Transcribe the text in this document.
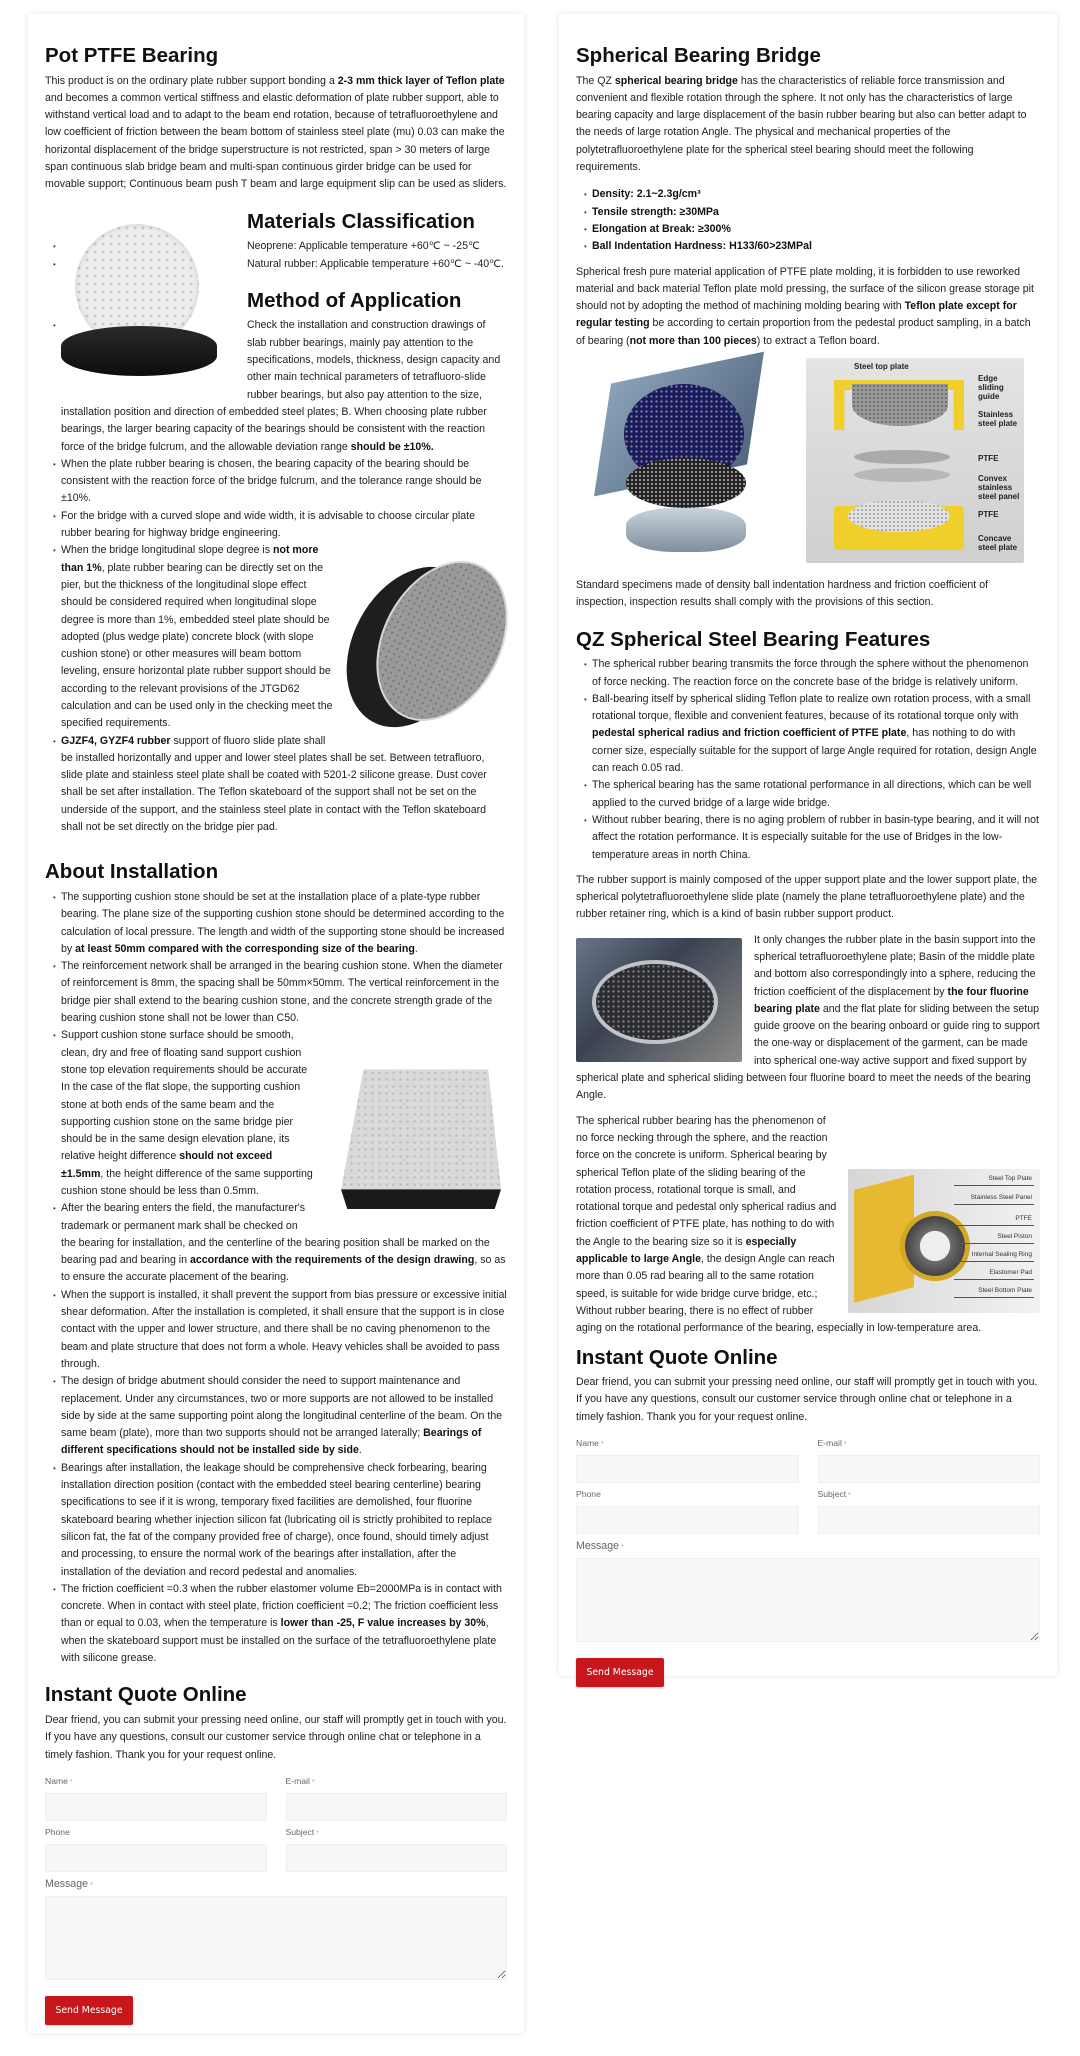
Pot PTFE Bearing

This product is on the ordinary plate rubber support bonding a 2-3 mm thick layer of Teflon plate and becomes a common vertical stiffness and elastic deformation of plate rubber support, able to withstand vertical load and to adapt to the beam end rotation, because of tetrafluoroethylene and low coefficient of friction between the beam bottom of stainless steel plate (mu) 0.03 can make the horizontal displacement of the bridge superstructure is not restricted, span > 30 meters of large span continuous slab bridge beam and multi-span continuous girder bridge can be used for movable support; Continuous beam push T beam and large equipment slip can be used as sliders.

Materials Classification
• Neoprene: Applicable temperature +60℃ ~ -25℃
• Natural rubber: Applicable temperature +60℃ ~ -40℃.
Method of Application
• Check the installation and construction drawings of slab rubber bearings, mainly pay attention to the specifications, models, thickness, design capacity and other main technical parameters of tetrafluoro-slide rubber bearings, but also pay attention to the size, installation position and direction of embedded steel plates; B. When choosing plate rubber bearings, the larger bearing capacity of the bearings should be consistent with the reaction force of the bridge fulcrum, and the allowable deviation range should be ±10%.
• When the plate rubber bearing is chosen, the bearing capacity of the bearing should be consistent with the reaction force of the bridge fulcrum, and the tolerance range should be ±10%.
• For the bridge with a curved slope and wide width, it is advisable to choose circular plate rubber bearing for highway bridge engineering.
• When the bridge longitudinal slope degree is not more than 1%, plate rubber bearing can be directly set on the pier, but the thickness of the longitudinal slope effect should be considered required when longitudinal slope degree is more than 1%, embedded steel plate should be adopted (plus wedge plate) concrete block (with slope cushion stone) or other measures will beam bottom leveling, ensure horizontal plate rubber support should be according to the relevant provisions of the JTGD62 calculation and can be used only in the checking meet the specified requirements.
• GJZF4, GYZF4 rubber support of fluoro slide plate shall be installed horizontally and upper and lower steel plates shall be set. Between tetrafluoro, slide plate and stainless steel plate shall be coated with 5201-2 silicone grease. Dust cover shall be set after installation. The Teflon skateboard of the support shall not be set on the underside of the support, and the stainless steel plate in contact with the Teflon skateboard shall not be set directly on the bridge pier pad.
About Installation
• The supporting cushion stone should be set at the installation place of a plate-type rubber bearing. The plane size of the supporting cushion stone should be determined according to the calculation of local pressure. The length and width of the supporting stone should be increased by at least 50mm compared with the corresponding size of the bearing.
• The reinforcement network shall be arranged in the bearing cushion stone. When the diameter of reinforcement is 8mm, the spacing shall be 50mm×50mm. The vertical reinforcement in the bridge pier shall extend to the bearing cushion stone, and the concrete strength grade of the bearing cushion stone shall not be lower than C50.
• Support cushion stone surface should be smooth, clean, dry and free of floating sand support cushion stone top elevation requirements should be accurate In the case of the flat slope, the supporting cushion stone at both ends of the same beam and the supporting cushion stone on the same bridge pier should be in the same design elevation plane, its relative height difference should not exceed ±1.5mm, the height difference of the same supporting cushion stone should be less than 0.5mm.
• After the bearing enters the field, the manufacturer's trademark or permanent mark shall be checked on the bearing for installation, and the centerline of the bearing position shall be marked on the bearing pad and bearing in accordance with the requirements of the design drawing, so as to ensure the accurate placement of the bearing.
• When the support is installed, it shall prevent the support from bias pressure or excessive initial shear deformation. After the installation is completed, it shall ensure that the support is in close contact with the upper and lower structure, and there shall be no caving phenomenon to the beam and plate structure that does not form a whole. Heavy vehicles shall be avoided to pass through.
• The design of bridge abutment should consider the need to support maintenance and replacement. Under any circumstances, two or more supports are not allowed to be installed side by side at the same supporting point along the longitudinal centerline of the beam. On the same beam (plate), more than two supports should not be arranged laterally; Bearings of different specifications should not be installed side by side.
• Bearings after installation, the leakage should be comprehensive check forbearing, bearing installation direction position (contact with the embedded steel bearing centerline) bearing specifications to see if it is wrong, temporary fixed facilities are demolished, four fluorine skateboard bearing whether injection silicon fat (lubricating oil is strictly prohibited to replace silicon fat, the fat of the company provided free of charge), once found, should timely adjust and processing, to ensure the normal work of the bearings after installation, after the installation of the deviation and record pedestal and anomalies.
• The friction coefficient =0.3 when the rubber elastomer volume Eb=2000MPa is in contact with concrete. When in contact with steel plate, friction coefficient =0.2; The friction coefficient less than or equal to 0.03, when the temperature is lower than -25, F value increases by 30%, when the skateboard support must be installed on the surface of the tetrafluoroethylene plate with silicone grease.
Instant Quote Online

Dear friend, you can submit your pressing need online, our staff will promptly get in touch with you. If you have any questions, consult our customer service through online chat or telephone in a timely fashion. Thank you for your request online.

Name *	E-mail *
Phone	Subject *
Message *
Send Message
Spherical Bearing Bridge

The QZ spherical bearing bridge has the characteristics of reliable force transmission and convenient and flexible rotation through the sphere. It not only has the characteristics of large bearing capacity and large displacement of the basin rubber bearing but also can better adapt to the needs of large rotation Angle. The physical and mechanical properties of the polytetrafluoroethylene plate for the spherical steel bearing should meet the following requirements.

• Density: 2.1~2.3g/cm³
• Tensile strength: ≥30MPa
• Elongation at Break: ≥300%
• Ball Indentation Hardness: H133/60>23MPal

Spherical fresh pure material application of PTFE plate molding, it is forbidden to use reworked material and back material Teflon plate mold pressing, the surface of the silicon grease storage pit should not by adopting the method of machining molding bearing with Teflon plate except for regular testing be according to certain proportion from the pedestal product sampling, in a batch of bearing (not more than 100 pieces) to extract a Teflon board.

Steel top plate
Edge sliding guide
Stainless steel plate
PTFE
Convex stainless steel panel
PTFE
Concave steel plate

Standard specimens made of density ball indentation hardness and friction coefficient of inspection, inspection results shall comply with the provisions of this section.

QZ Spherical Steel Bearing Features
• The spherical rubber bearing transmits the force through the sphere without the phenomenon of force necking. The reaction force on the concrete base of the bridge is relatively uniform.
• Ball-bearing itself by spherical sliding Teflon plate to realize own rotation process, with a small rotational torque, flexible and convenient features, because of its rotational torque only with pedestal spherical radius and friction coefficient of PTFE plate, has nothing to do with corner size, especially suitable for the support of large Angle required for rotation, design Angle can reach 0.05 rad.
• The spherical bearing has the same rotational performance in all directions, which can be well applied to the curved bridge of a large wide bridge.
• Without rubber bearing, there is no aging problem of rubber in basin-type bearing, and it will not affect the rotation performance. It is especially suitable for the use of Bridges in the low-temperature areas in north China.

The rubber support is mainly composed of the upper support plate and the lower support plate, the spherical polytetrafluoroethylene slide plate (namely the plane tetrafluoroethylene plate) and the rubber retainer ring, which is a kind of basin rubber support product.

It only changes the rubber plate in the basin support into the spherical tetrafluoroethylene plate; Basin of the middle plate and bottom also correspondingly into a sphere, reducing the friction coefficient of the displacement by the four fluorine bearing plate and the flat plate for sliding between the setup guide groove on the bearing onboard or guide ring to support the one-way or displacement of the garment, can be made into spherical one-way active support and fixed support by spherical plate and spherical sliding between four fluorine board to meet the needs of the bearing Angle.

Steel Top Plate
Stainless Steel Panel
PTFE
Steel Piston
Internal Sealing Ring
Elastomer Pad
Steel Bottom Plate

The spherical rubber bearing has the phenomenon of no force necking through the sphere, and the reaction force on the concrete is uniform. Spherical bearing by spherical Teflon plate of the sliding bearing of the rotation process, rotational torque is small, and rotational torque and pedestal only spherical radius and friction coefficient of PTFE plate, has nothing to do with the Angle to the bearing size so it is especially applicable to large Angle, the design Angle can reach more than 0.05 rad bearing all to the same rotation speed, is suitable for wide bridge curve bridge, etc.; Without rubber bearing, there is no effect of rubber aging on the rotational performance of the bearing, especially in low-temperature area.

Instant Quote Online

Dear friend, you can submit your pressing need online, our staff will promptly get in touch with you. If you have any questions, consult our customer service through online chat or telephone in a timely fashion. Thank you for your request online.

Name *	E-mail *
Phone	Subject *
Message *
Send Message
